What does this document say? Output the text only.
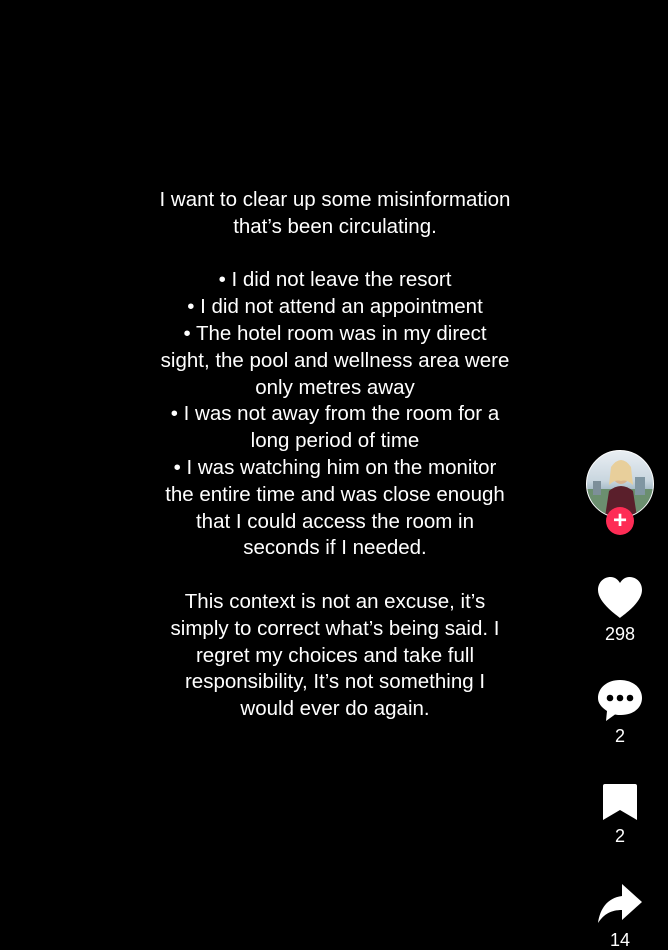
I want to clear up some misinformation
that’s been circulating.
• I did not leave the resort
• I did not attend an appointment
• The hotel room was in my direct
sight, the pool and wellness area were
only metres away
• I was not away from the room for a
long period of time
• I was watching him on the monitor
the entire time and was close enough
that I could access the room in
seconds if I needed.
This context is not an excuse, it’s
simply to correct what’s being said. I
regret my choices and take full
responsibility, It’s not something I
would ever do again.
+
298
2
2
14
